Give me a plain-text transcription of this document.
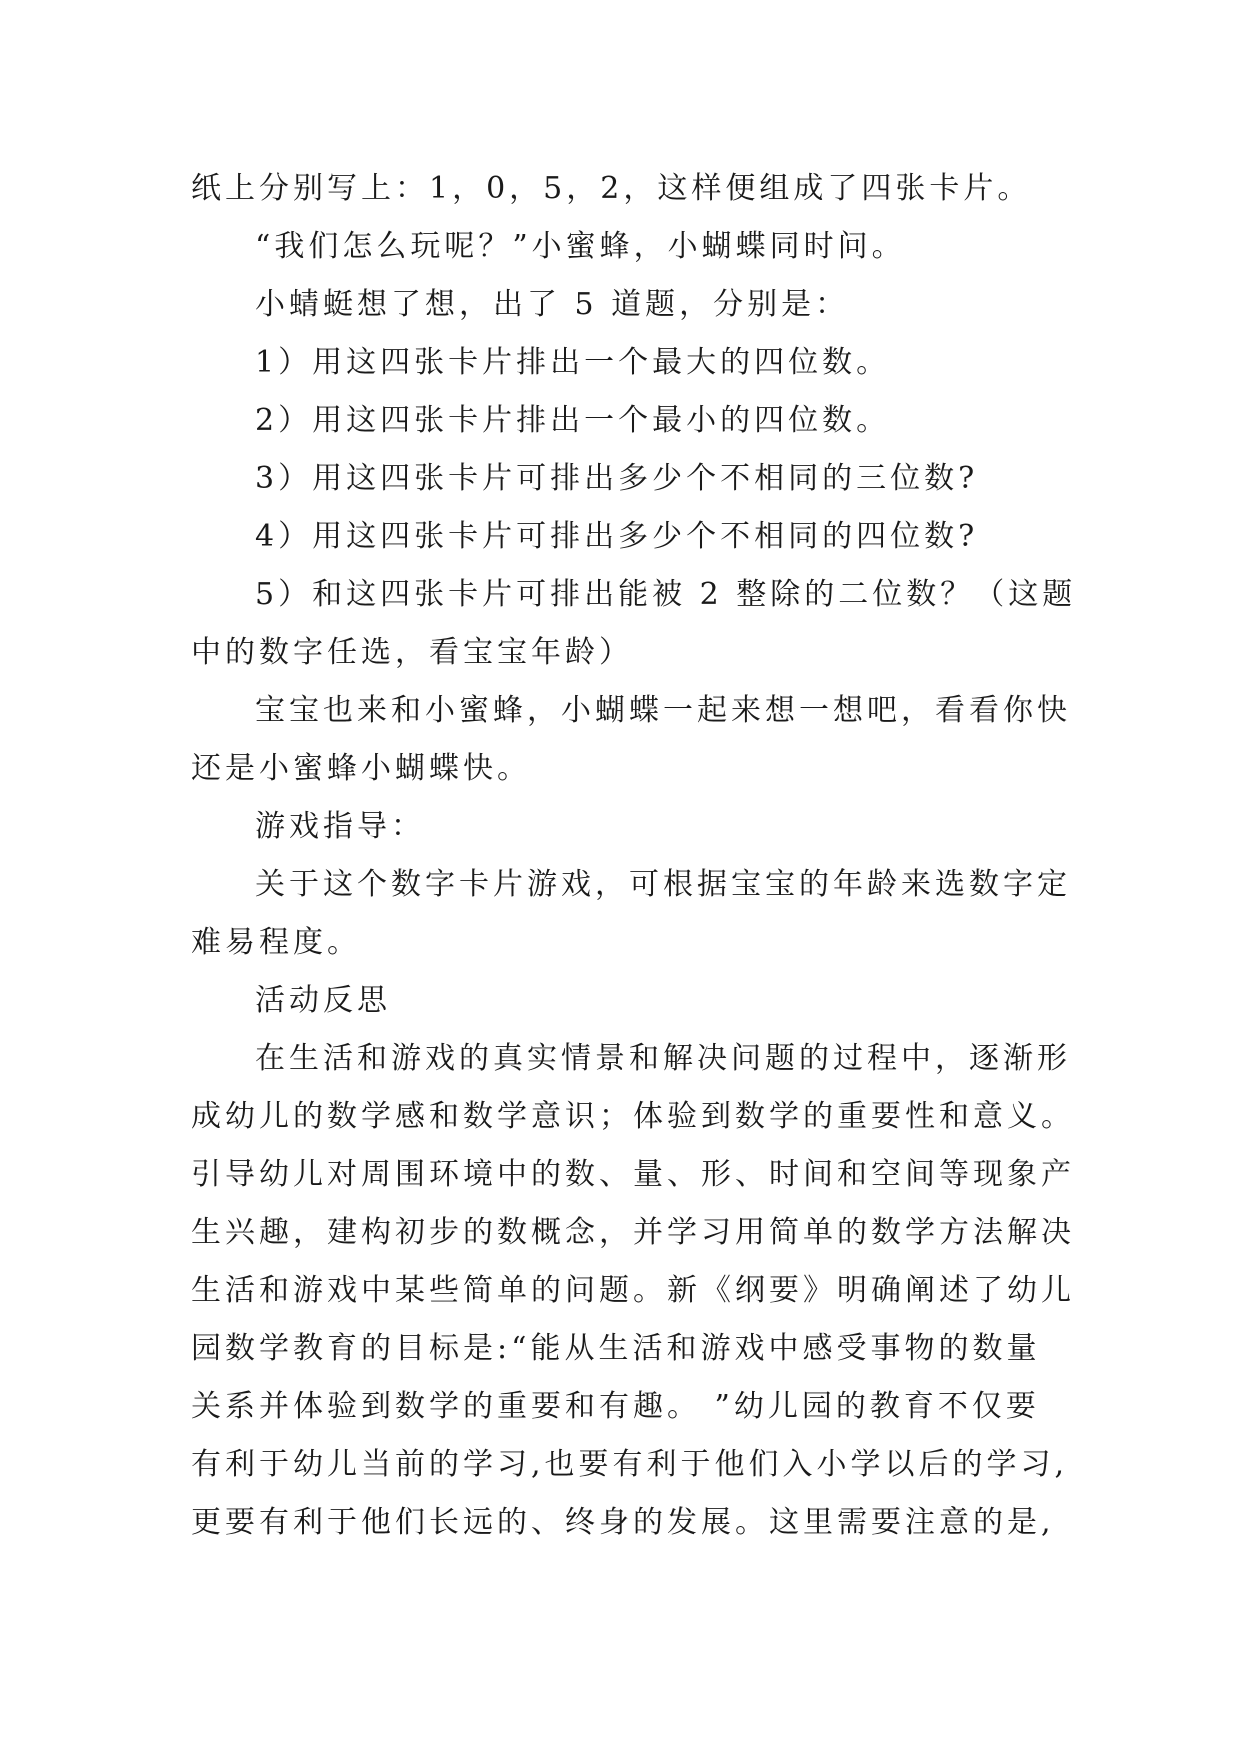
纸上分别写上：1，0，5，2，这样便组成了四张卡片。
“我们怎么玩呢？”小蜜蜂，小蝴蝶同时问。
小蜻蜓想了想，出了 5 道题，分别是：
1）用这四张卡片排出一个最大的四位数。
2）用这四张卡片排出一个最小的四位数。
3）用这四张卡片可排出多少个不相同的三位数?
4）用这四张卡片可排出多少个不相同的四位数?
5）和这四张卡片可排出能被 2 整除的二位数？（这题
中的数字任选，看宝宝年龄）
宝宝也来和小蜜蜂，小蝴蝶一起来想一想吧，看看你快
还是小蜜蜂小蝴蝶快。
游戏指导：
关于这个数字卡片游戏，可根据宝宝的年龄来选数字定
难易程度。
活动反思
在生活和游戏的真实情景和解决问题的过程中，逐渐形
成幼儿的数学感和数学意识；体验到数学的重要性和意义。
引导幼儿对周围环境中的数、量、形、时间和空间等现象产
生兴趣，建构初步的数概念，并学习用简单的数学方法解决
生活和游戏中某些简单的问题。新《纲要》明确阐述了幼儿
园数学教育的目标是:“能从生活和游戏中感受事物的数量
关系并体验到数学的重要和有趣。 ”幼儿园的教育不仅要
有利于幼儿当前的学习,也要有利于他们入小学以后的学习,
更要有利于他们长远的、终身的发展。这里需要注意的是,
